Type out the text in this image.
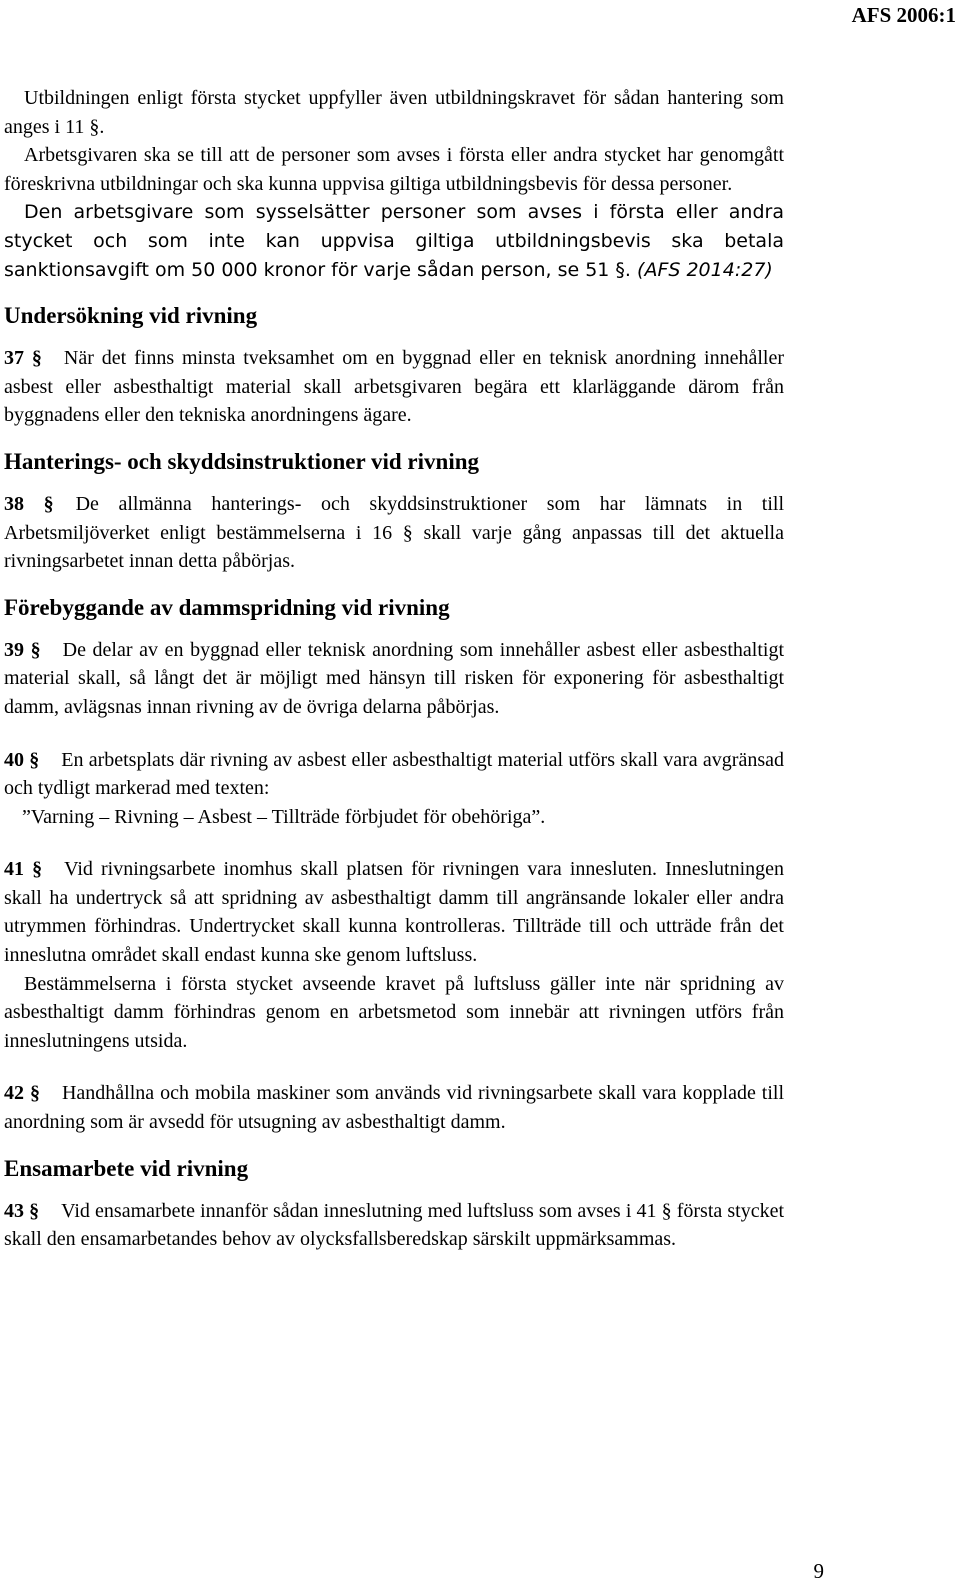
AFS 2006:1

Utbildningen enligt första stycket uppfyller även utbildningskravet för sådan hantering som anges i 11 §.

Arbetsgivaren ska se till att de personer som avses i första eller andra stycket har genomgått föreskrivna utbildningar och ska kunna uppvisa giltiga utbildningsbevis för dessa personer.

Den arbetsgivare som sysselsätter personer som avses i första eller andra stycket och som inte kan uppvisa giltiga utbildningsbevis ska betala sanktionsavgift om 50 000 kronor för varje sådan person, se 51 §. (AFS 2014:27)

Undersökning vid rivning

37 § När det finns minsta tveksamhet om en byggnad eller en teknisk anordning innehåller asbest eller asbesthaltigt material skall arbetsgivaren begära ett klarläggande därom från byggnadens eller den tekniska anordningens ägare.

Hanterings- och skyddsinstruktioner vid rivning

38 § De allmänna hanterings- och skyddsinstruktioner som har lämnats in till Arbetsmiljöverket enligt bestämmelserna i 16 § skall varje gång anpassas till det aktuella rivningsarbetet innan detta påbörjas.

Förebyggande av dammspridning vid rivning

39 § De delar av en byggnad eller teknisk anordning som innehåller asbest eller asbesthaltigt material skall, så långt det är möjligt med hänsyn till risken för exponering för asbesthaltigt damm, avlägsnas innan rivning av de övriga delarna påbörjas.

40 § En arbetsplats där rivning av asbest eller asbesthaltigt material utförs skall vara avgränsad och tydligt markerad med texten:

”Varning – Rivning – Asbest – Tillträde förbjudet för obehöriga”.

41 § Vid rivningsarbete inomhus skall platsen för rivningen vara innesluten. Inneslutningen skall ha undertryck så att spridning av asbesthaltigt damm till angränsande lokaler eller andra utrymmen förhindras. Undertrycket skall kunna kontrolleras. Tillträde till och utträde från det inneslutna området skall endast kunna ske genom luftsluss.

Bestämmelserna i första stycket avseende kravet på luftsluss gäller inte när spridning av asbesthaltigt damm förhindras genom en arbetsmetod som innebär att rivningen utförs från inneslutningens utsida.

42 § Handhållna och mobila maskiner som används vid rivningsarbete skall vara kopplade till anordning som är avsedd för utsugning av asbesthaltigt damm.

Ensamarbete vid rivning

43 § Vid ensamarbete innanför sådan inneslutning med luftsluss som avses i 41 § första stycket skall den ensamarbetandes behov av olycksfallsberedskap särskilt uppmärksammas.

9
